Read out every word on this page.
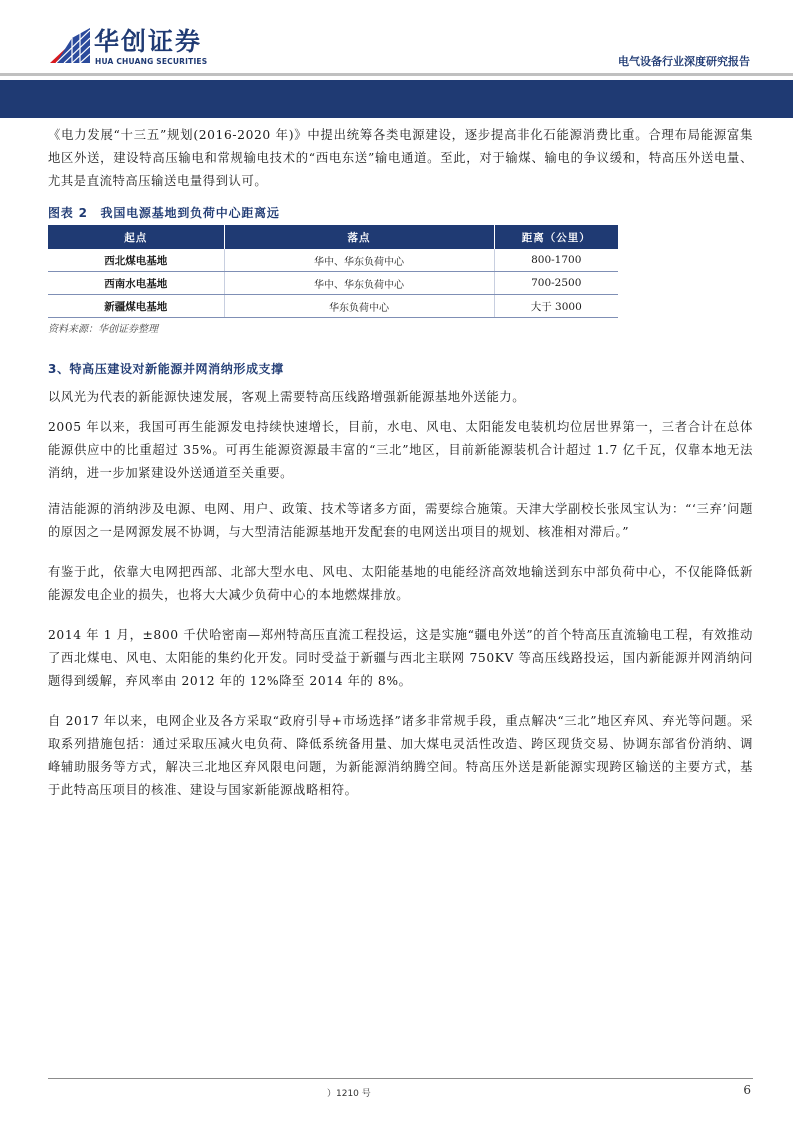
华创证券
HUA CHUANG SECURITIES	电气设备行业深度研究报告

《电力发展“十三五”规划(2016-2020 年)》中提出统筹各类电源建设，逐步提高非化石能源消费比重。合理布局能源富集地区外送，建设特高压输电和常规输电技术的“西电东送”输电通道。至此，对于输煤、输电的争议缓和，特高压外送电量、尤其是直流特高压输送电量得到认可。

图表 2　我国电源基地到负荷中心距离远
起点	落点	距离（公里）
西北煤电基地	华中、华东负荷中心	800-1700
西南水电基地	华中、华东负荷中心	700-2500
新疆煤电基地	华东负荷中心	大于 3000
资料来源：华创证券整理
3、特高压建设对新能源并网消纳形成支撑

以风光为代表的新能源快速发展，客观上需要特高压线路增强新能源基地外送能力。

2005 年以来，我国可再生能源发电持续快速增长，目前，水电、风电、太阳能发电装机均位居世界第一，三者合计在总体能源供应中的比重超过 35%。可再生能源资源最丰富的“三北”地区，目前新能源装机合计超过 1.7 亿千瓦，仅靠本地无法消纳，进一步加紧建设外送通道至关重要。

清洁能源的消纳涉及电源、电网、用户、政策、技术等诸多方面，需要综合施策。天津大学副校长张凤宝认为：“‘三弃’问题的原因之一是网源发展不协调，与大型清洁能源基地开发配套的电网送出项目的规划、核准相对滞后。”

有鉴于此，依靠大电网把西部、北部大型水电、风电、太阳能基地的电能经济高效地输送到东中部负荷中心，不仅能降低新能源发电企业的损失，也将大大减少负荷中心的本地燃煤排放。

2014 年 1 月，±800 千伏哈密南—郑州特高压直流工程投运，这是实施“疆电外送”的首个特高压直流输电工程，有效推动了西北煤电、风电、太阳能的集约化开发。同时受益于新疆与西北主联网 750KV 等高压线路投运，国内新能源并网消纳问题得到缓解，弃风率由 2012 年的 12%降至 2014 年的 8%。

自 2017 年以来，电网企业及各方采取“政府引导+市场选择”诸多非常规手段，重点解决“三北”地区弃风、弃光等问题。采取系列措施包括：通过采取压减火电负荷、降低系统备用量、加大煤电灵活性改造、跨区现货交易、协调东部省份消纳、调峰辅助服务等方式，解决三北地区弃风限电问题，为新能源消纳腾空间。特高压外送是新能源实现跨区输送的主要方式，基于此特高压项目的核准、建设与国家新能源战略相符。

）1210 号	6
